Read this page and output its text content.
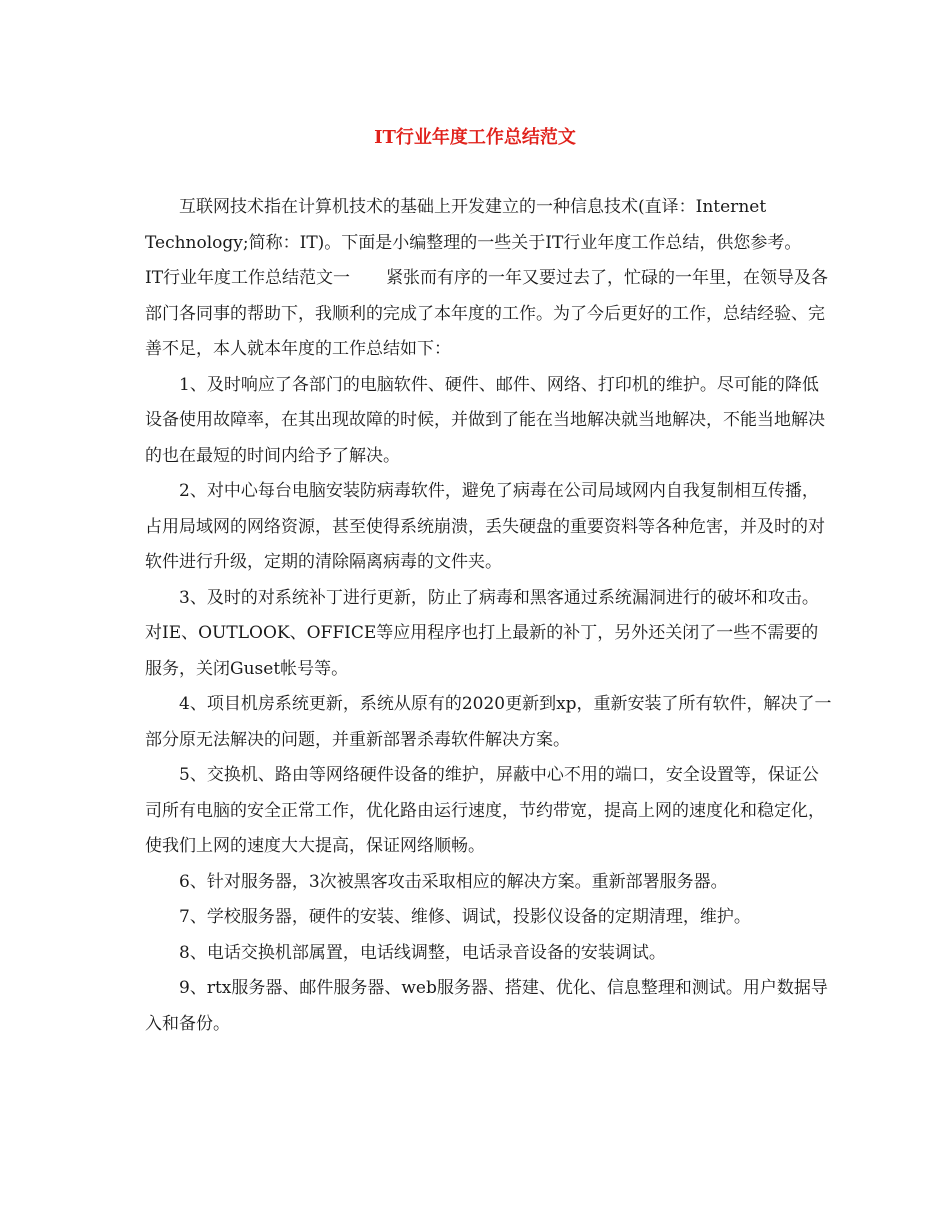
IT行业年度工作总结范文

互联网技术指在计算机技术的基础上开发建立的一种信息技术(直译：Internet Technology;简称：IT)。下面是小编整理的一些关于IT行业年度工作总结，供您参考。

IT行业年度工作总结范文一 紧张而有序的一年又要过去了，忙碌的一年里，在领导及各部门各同事的帮助下，我顺利的完成了本年度的工作。为了今后更好的工作，总结经验、完善不足，本人就本年度的工作总结如下：

1、及时响应了各部门的电脑软件、硬件、邮件、网络、打印机的维护。尽可能的降低设备使用故障率，在其出现故障的时候，并做到了能在当地解决就当地解决，不能当地解决的也在最短的时间内给予了解决。

2、对中心每台电脑安装防病毒软件，避免了病毒在公司局域网内自我复制相互传播，占用局域网的网络资源，甚至使得系统崩溃，丢失硬盘的重要资料等各种危害，并及时的对软件进行升级，定期的清除隔离病毒的文件夹。

3、及时的对系统补丁进行更新，防止了病毒和黑客通过系统漏洞进行的破坏和攻击。对IE、OUTLOOK、OFFICE等应用程序也打上最新的补丁，另外还关闭了一些不需要的服务，关闭Guset帐号等。

4、项目机房系统更新，系统从原有的2020更新到xp，重新安装了所有软件，解决了一部分原无法解决的问题，并重新部署杀毒软件解决方案。

5、交换机、路由等网络硬件设备的维护，屏蔽中心不用的端口，安全设置等，保证公司所有电脑的安全正常工作，优化路由运行速度，节约带宽，提高上网的速度化和稳定化，使我们上网的速度大大提高，保证网络顺畅。

6、针对服务器，3次被黑客攻击采取相应的解决方案。重新部署服务器。

7、学校服务器，硬件的安装、维修、调试，投影仪设备的定期清理，维护。

8、电话交换机部属置，电话线调整，电话录音设备的安装调试。

9、rtx服务器、邮件服务器、web服务器、搭建、优化、信息整理和测试。用户数据导入和备份。
